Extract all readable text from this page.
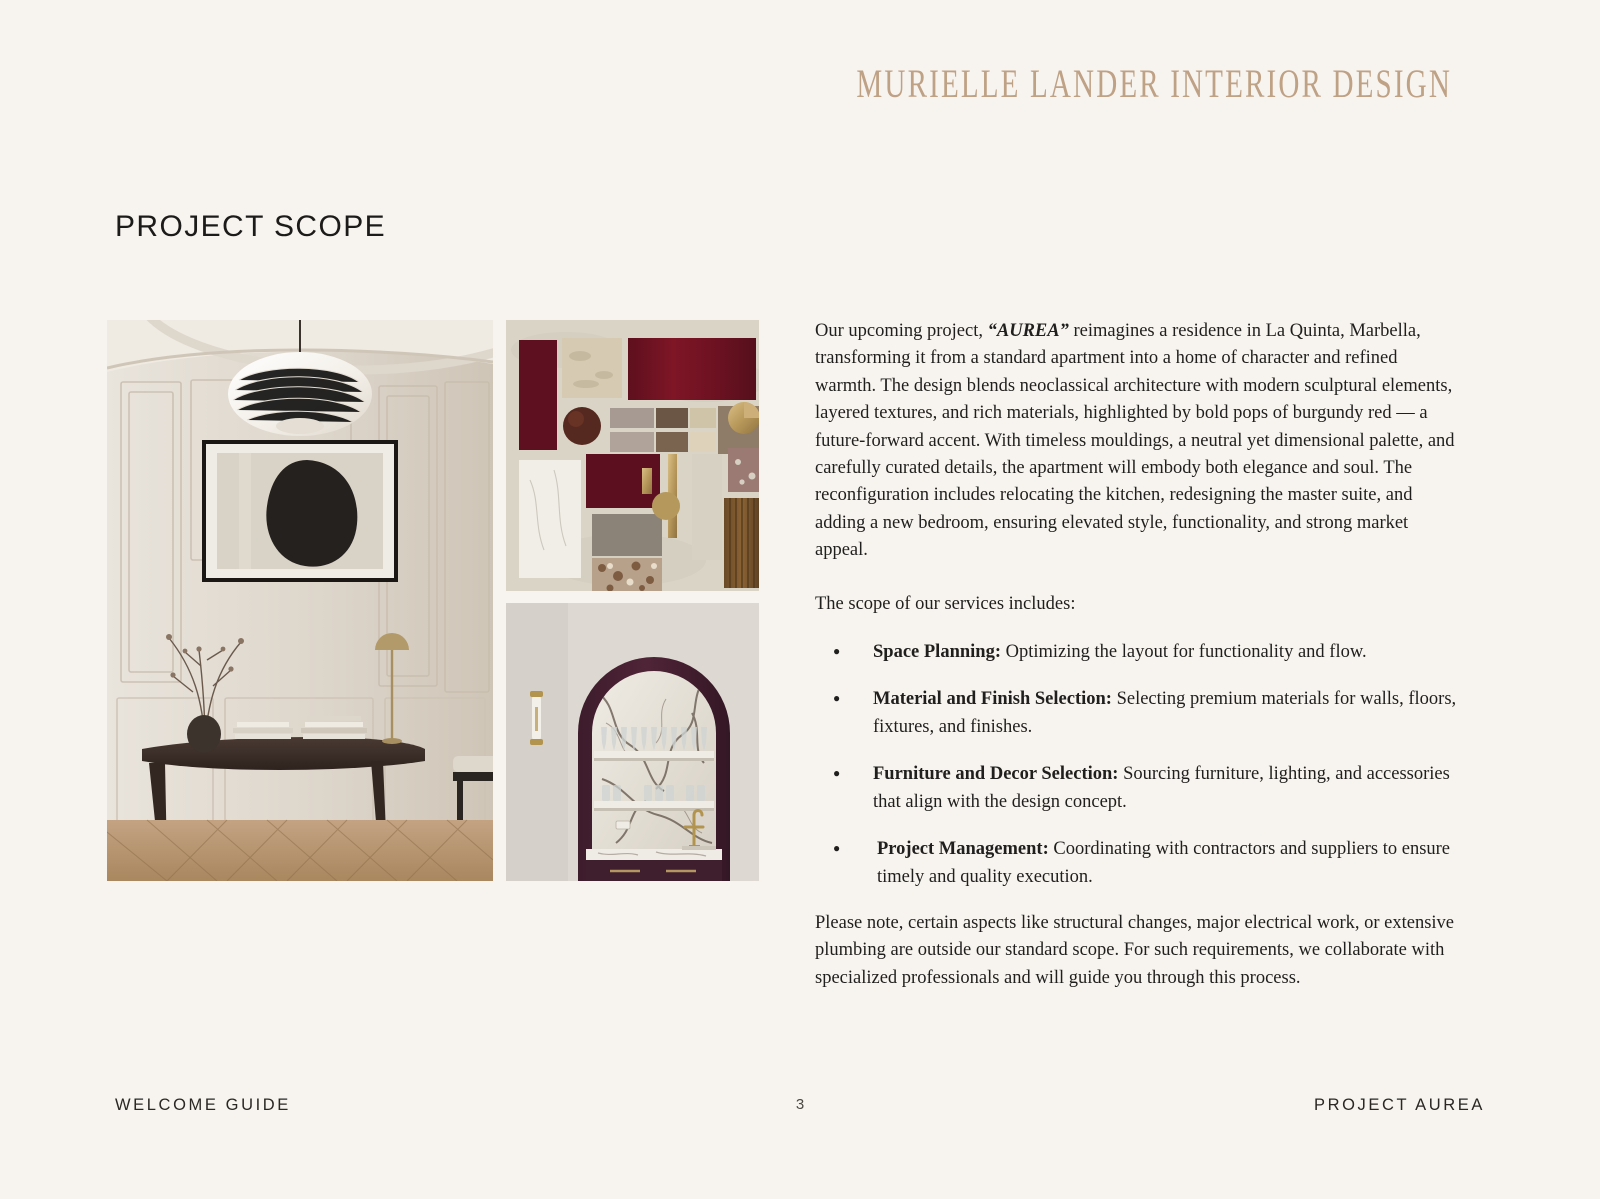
MURIELLE LANDER INTERIOR DESIGN
PROJECT SCOPE

Our upcoming project, “AUREA” reimagines a residence in La Quinta, Marbella, transforming it from a standard apartment into a home of character and refined warmth. The design blends neoclassical architecture with modern sculptural elements, layered textures, and rich materials, highlighted by bold pops of burgundy red — a future-forward accent. With timeless mouldings, a neutral yet dimensional palette, and carefully curated details, the apartment will embody both elegance and soul. The reconfiguration includes relocating the kitchen, redesigning the master suite, and adding a new bedroom, ensuring elevated style, functionality, and strong market appeal.

The scope of our services includes:

● Space Planning: Optimizing the layout for functionality and flow.
● Material and Finish Selection: Selecting premium materials for walls, floors, fixtures, and finishes.
● Furniture and Decor Selection: Sourcing furniture, lighting, and accessories that align with the design concept.
● Project Management: Coordinating with contractors and suppliers to ensure timely and quality execution.

Please note, certain aspects like structural changes, major electrical work, or extensive plumbing are outside our standard scope. For such requirements, we collaborate with specialized professionals and will guide you through this process.

WELCOME GUIDE	3	PROJECT AUREA
